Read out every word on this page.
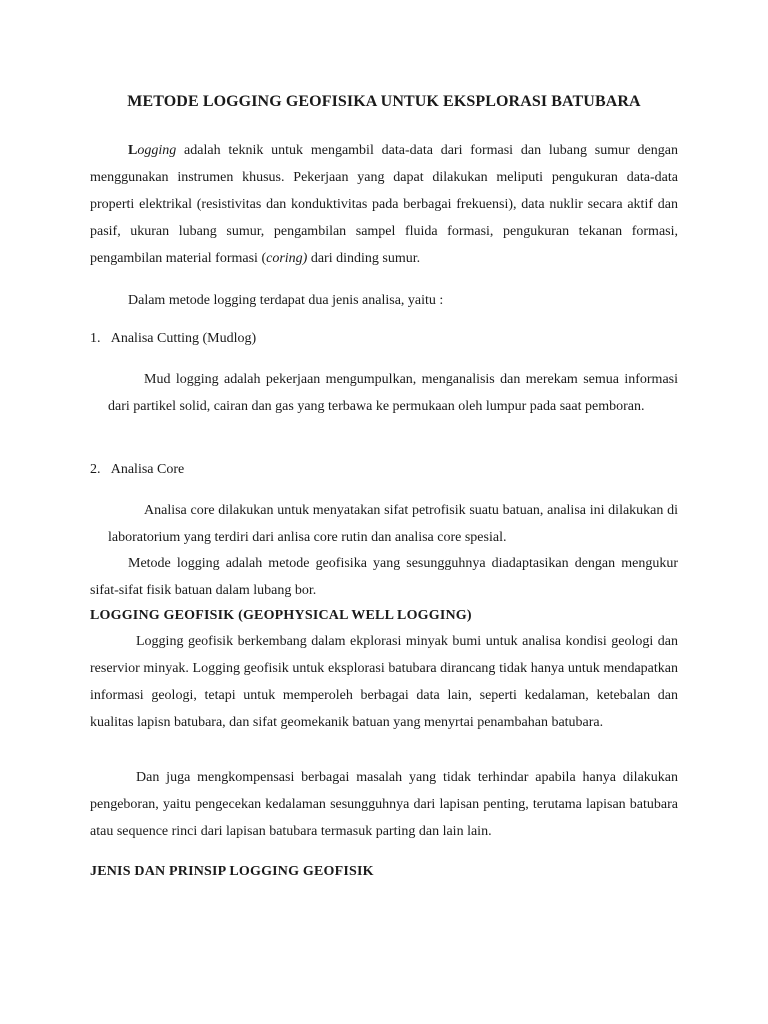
METODE LOGGING GEOFISIKA UNTUK EKSPLORASI BATUBARA

Logging adalah teknik untuk mengambil data-data dari formasi dan lubang sumur dengan menggunakan instrumen khusus. Pekerjaan yang dapat dilakukan meliputi pengukuran data-data properti elektrikal (resistivitas dan konduktivitas pada berbagai frekuensi), data nuklir secara aktif dan pasif, ukuran lubang sumur, pengambilan sampel fluida formasi, pengukuran tekanan formasi, pengambilan material formasi (coring) dari dinding sumur.

Dalam metode logging terdapat dua jenis analisa, yaitu :

1. Analisa Cutting (Mudlog)

Mud logging adalah pekerjaan mengumpulkan, menganalisis dan merekam semua informasi dari partikel solid, cairan dan gas yang terbawa ke permukaan oleh lumpur pada saat pemboran.

2. Analisa Core

Analisa core dilakukan untuk menyatakan sifat petrofisik suatu batuan, analisa ini dilakukan di laboratorium yang terdiri dari anlisa core rutin dan analisa core spesial.

Metode logging adalah metode geofisika yang sesungguhnya diadaptasikan dengan mengukur sifat-sifat fisik batuan dalam lubang bor.

LOGGING GEOFISIK (GEOPHYSICAL WELL LOGGING)

Logging geofisik berkembang dalam ekplorasi minyak bumi untuk analisa kondisi geologi dan reservior minyak. Logging geofisik untuk eksplorasi batubara dirancang tidak hanya untuk mendapatkan informasi geologi, tetapi untuk memperoleh berbagai data lain, seperti kedalaman, ketebalan dan kualitas lapisn batubara, dan sifat geomekanik batuan yang menyrtai penambahan batubara.

Dan juga mengkompensasi berbagai masalah yang tidak terhindar apabila hanya dilakukan pengeboran, yaitu pengecekan kedalaman sesungguhnya dari lapisan penting, terutama lapisan batubara atau sequence rinci dari lapisan batubara termasuk parting dan lain lain.

JENIS DAN PRINSIP LOGGING GEOFISIK
